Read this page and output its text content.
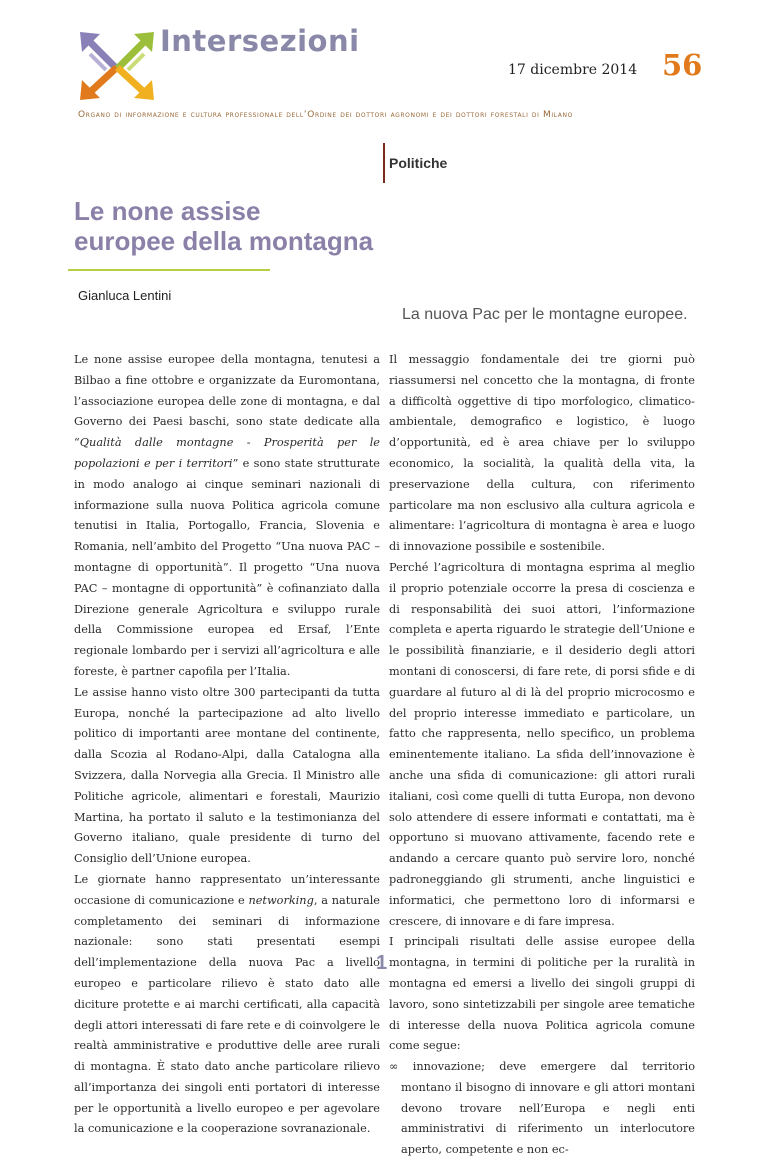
Intersezioni
17 dicembre 2014 56
Organo di informazione e cultura professionale dell’Ordine dei dottori agronomi e dei dottori forestali di Milano
Politiche
Le none assise
europee della montagna
Gianluca Lentini
La nuova Pac per le montagne europee.

Le none assise europee della montagna, tenutesi a Bilbao a fine ottobre e organizzate da Euromontana, l’associazione europea delle zone di montagna, e dal Governo dei Paesi baschi, sono state dedicate alla “Qualità dalle montagne - Prosperità per le popolazioni e per i territori” e sono state strutturate in modo analogo ai cinque seminari nazionali di informazione sulla nuova Politica agricola comune tenutisi in Italia, Portogallo, Francia, Slovenia e Romania, nell’ambito del Progetto “Una nuova PAC – montagne di opportunità”. Il progetto “Una nuova PAC – montagne di opportunità” è cofinanziato dalla Direzione generale Agricoltura e sviluppo rurale della Commissione europea ed Ersaf, l’Ente regionale lombardo per i servizi all’agricoltura e alle foreste, è partner capofila per l’Italia.

Le assise hanno visto oltre 300 partecipanti da tutta Europa, nonché la partecipazione ad alto livello politico di importanti aree montane del continente, dalla Scozia al Rodano-Alpi, dalla Catalogna alla Svizzera, dalla Norvegia alla Grecia. Il Ministro alle Politiche agricole, alimentari e forestali, Maurizio Martina, ha portato il saluto e la testimonianza del Governo italiano, quale presidente di turno del Consiglio dell’Unione europea.

Le giornate hanno rappresentato un’interessante occasione di comunicazione e networking, a naturale completamento dei seminari di informazione nazionale: sono stati presentati esempi dell’implementazione della nuova Pac a livello europeo e particolare rilievo è stato dato alle diciture protette e ai marchi certificati, alla capacità degli attori interessati di fare rete e di coinvolgere le realtà amministrative e produttive delle aree rurali di montagna. È stato dato anche particolare rilievo all’importanza dei singoli enti portatori di interesse per le opportunità a livello europeo e per agevolare la comunicazione e la cooperazione sovranazionale.

Il messaggio fondamentale dei tre giorni può riassumersi nel concetto che la montagna, di fronte a difficoltà oggettive di tipo morfologico, climatico-ambientale, demografico e logistico, è luogo d’opportunità, ed è area chiave per lo sviluppo economico, la socialità, la qualità della vita, la preservazione della cultura, con riferimento particolare ma non esclusivo alla cultura agricola e alimentare: l’agricoltura di montagna è area e luogo di innovazione possibile e sostenibile.

Perché l’agricoltura di montagna esprima al meglio il proprio potenziale occorre la presa di coscienza e di responsabilità dei suoi attori, l’informazione completa e aperta riguardo le strategie dell’Unione e le possibilità finanziarie, e il desiderio degli attori montani di conoscersi, di fare rete, di porsi sfide e di guardare al futuro al di là del proprio microcosmo e del proprio interesse immediato e particolare, un fatto che rappresenta, nello specifico, un problema eminentemente italiano. La sfida dell’innovazione è anche una sfida di comunicazione: gli attori rurali italiani, così come quelli di tutta Europa, non devono solo attendere di essere informati e contattati, ma è opportuno si muovano attivamente, facendo rete e andando a cercare quanto può servire loro, nonché padroneggiando gli strumenti, anche linguistici e informatici, che permettono loro di informarsi e crescere, di innovare e di fare impresa.

I principali risultati delle assise europee della montagna, in termini di politiche per la ruralità in montagna ed emersi a livello dei singoli gruppi di lavoro, sono sintetizzabili per singole aree tematiche di interesse della nuova Politica agricola comune come segue:

∞ innovazione; deve emergere dal territorio montano il bisogno di innovare e gli attori montani devono trovare nell’Europa e negli enti amministrativi di riferimento un interlocutore aperto, competente e non ec-

1
